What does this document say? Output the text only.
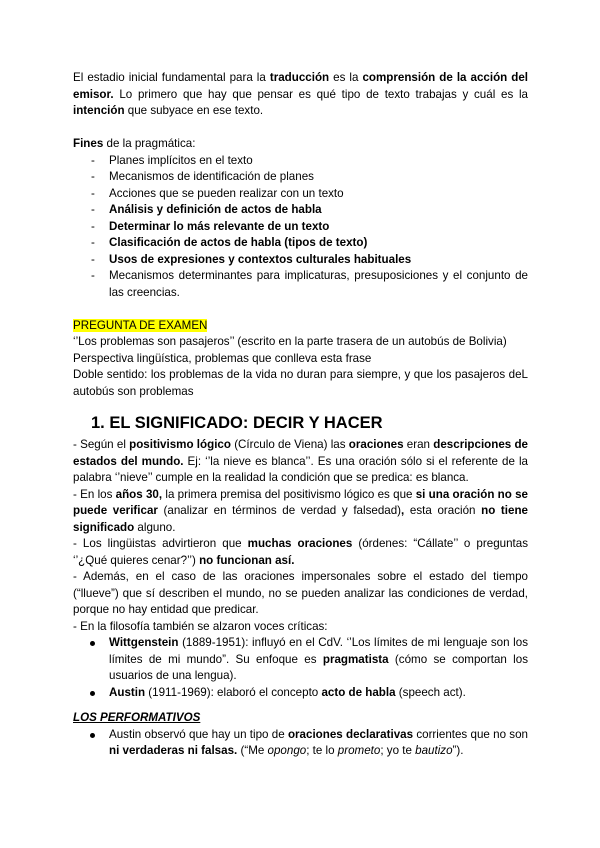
El estadio inicial fundamental para la traducción es la comprensión de la acción del emisor. Lo primero que hay que pensar es qué tipo de texto trabajas y cuál es la intención que subyace en ese texto.

Fines de la pragmática:

- Planes implícitos en el texto
- Mecanismos de identificación de planes
- Acciones que se pueden realizar con un texto
- Análisis y definición de actos de habla
- Determinar lo más relevante de un texto
- Clasificación de actos de habla (tipos de texto)
- Usos de expresiones y contextos culturales habituales
- Mecanismos determinantes para implicaturas, presuposiciones y el conjunto de las creencias.

PREGUNTA DE EXAMEN

‘’Los problemas son pasajeros’’ (escrito en la parte trasera de un autobús de Bolivia)

Perspectiva lingüística, problemas que conlleva esta frase

Doble sentido: los problemas de la vida no duran para siempre, y que los pasajeros deL autobús son problemas

1. EL SIGNIFICADO: DECIR Y HACER

- Según el positivismo lógico (Círculo de Viena) las oraciones eran descripciones de estados del mundo. Ej: ‘’la nieve es blanca’’. Es una oración sólo si el referente de la palabra ‘’nieve’’ cumple en la realidad la condición que se predica: es blanca.

- En los años 30, la primera premisa del positivismo lógico es que si una oración no se puede verificar (analizar en términos de verdad y falsedad), esta oración no tiene significado alguno.

- Los lingüistas advirtieron que muchas oraciones (órdenes: “Cállate’’ o preguntas ‘’¿Qué quieres cenar?’’) no funcionan así.

- Además, en el caso de las oraciones impersonales sobre el estado del tiempo (“llueve”) que sí describen el mundo, no se pueden analizar las condiciones de verdad, porque no hay entidad que predicar.

- En la filosofía también se alzaron voces críticas:

Wittgenstein (1889-1951): influyó en el CdV. ‘’Los límites de mi lenguaje son los límites de mi mundo”. Su enfoque es pragmatista (cómo se comportan los usuarios de una lengua).
Austin (1911-1969): elaboró el concepto acto de habla (speech act).

LOS PERFORMATIVOS

Austin observó que hay un tipo de oraciones declarativas corrientes que no son ni verdaderas ni falsas. (“Me opongo; te lo prometo; yo te bautizo”).
